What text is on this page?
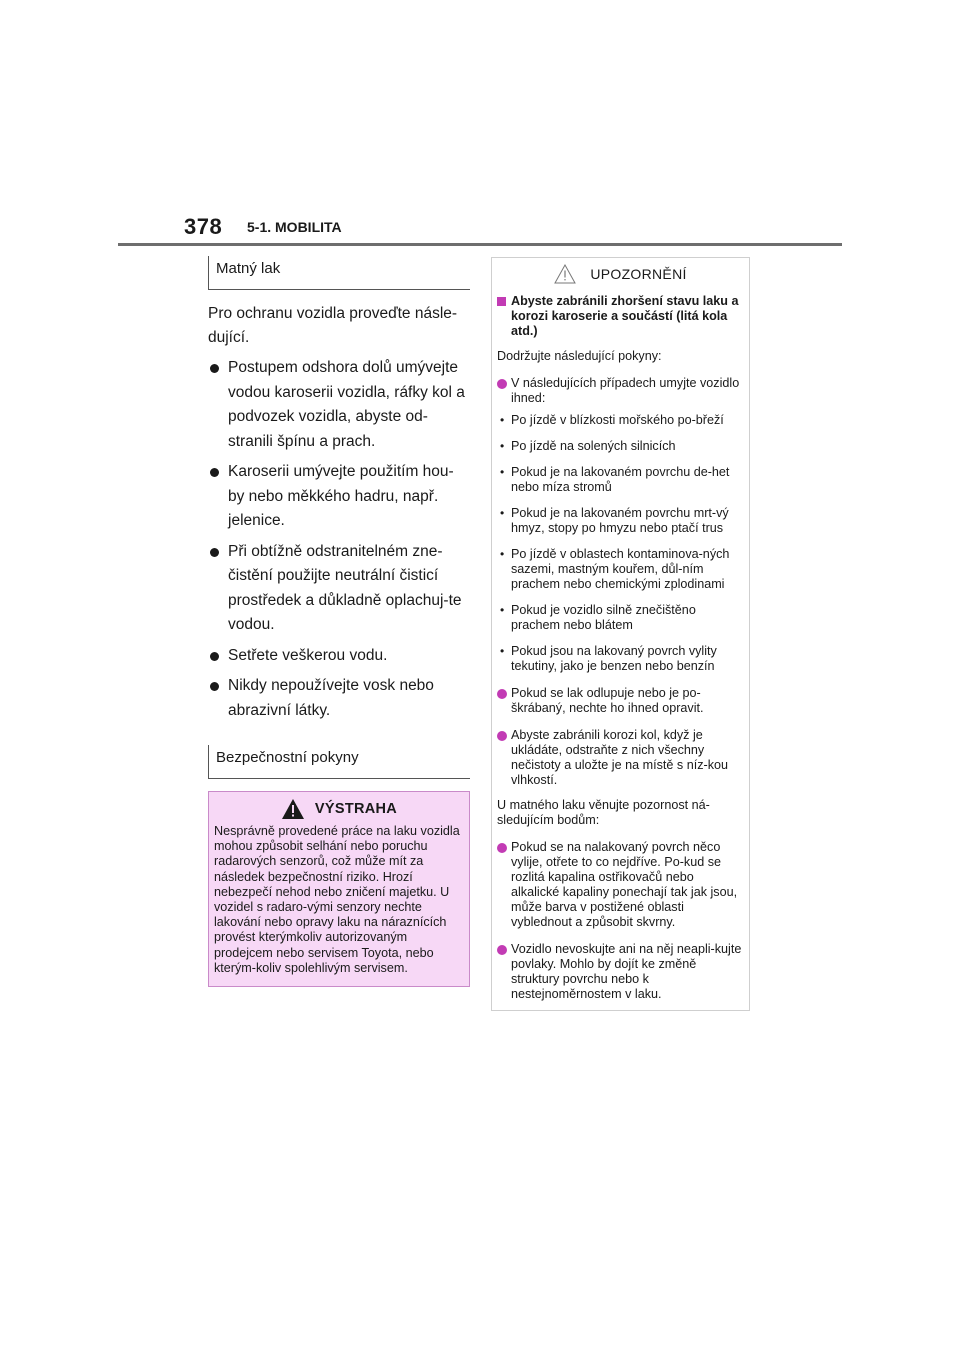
378 5-1. MOBILITA
Matný lak

Pro ochranu vozidla proveďte násle-dující.

Postupem odshora dolů umývejte vodou karoserii vozidla, ráfky kol a podvozek vozidla, abyste od-stranili špínu a prach.
Karoserii umývejte použitím hou-by nebo měkkého hadru, např. jelenice.
Při obtížně odstranitelném zne-čistění použijte neutrální čisticí prostředek a důkladně oplachuj-te vodou.
Setřete veškerou vodu.
Nikdy nepoužívejte vosk nebo abrazivní látky.
Bezpečnostní pokyny
VÝSTRAHA

Nesprávně provedené práce na laku vozidla mohou způsobit selhání nebo poruchu radarových senzorů, což může mít za následek bezpečnostní riziko. Hrozí nebezpečí nehod nebo zničení majetku. U vozidel s radaro-vými senzory nechte lakování nebo opravy laku na náraznících provést kterýmkoliv autorizovaným prodejcem nebo servisem Toyota, nebo kterým-koliv spolehlivým servisem.

UPOZORNĚNÍ
Abyste zabránili zhoršení stavu laku a korozi karoserie a součástí (litá kola atd.)

Dodržujte následující pokyny:

V následujících případech umyjte vozidlo ihned:
• Po jízdě v blízkosti mořského po-břeží
• Po jízdě na solených silnicích
• Pokud je na lakovaném povrchu de-het nebo míza stromů
• Pokud je na lakovaném povrchu mrt-vý hmyz, stopy po hmyzu nebo ptačí trus
• Po jízdě v oblastech kontaminova-ných sazemi, mastným kouřem, důl-ním prachem nebo chemickými zplodinami
• Pokud je vozidlo silně znečištěno prachem nebo blátem
• Pokud jsou na lakovaný povrch vylity tekutiny, jako je benzen nebo benzín
Pokud se lak odlupuje nebo je po-škrábaný, nechte ho ihned opravit.
Abyste zabránili korozi kol, když je ukládáte, odstraňte z nich všechny nečistoty a uložte je na místě s níz-kou vlhkostí.

U matného laku věnujte pozornost ná-sledujícím bodům:

Pokud se na nalakovaný povrch něco vylije, otřete to co nejdříve. Po-kud se rozlitá kapalina ostřikovačů nebo alkalické kapaliny ponechají tak jak jsou, může barva v postižené oblasti vyblednout a způsobit skvrny.
Vozidlo nevoskujte ani na něj neapli-kujte povlaky. Mohlo by dojít ke změně struktury povrchu nebo k nestejnoměrnostem v laku.
